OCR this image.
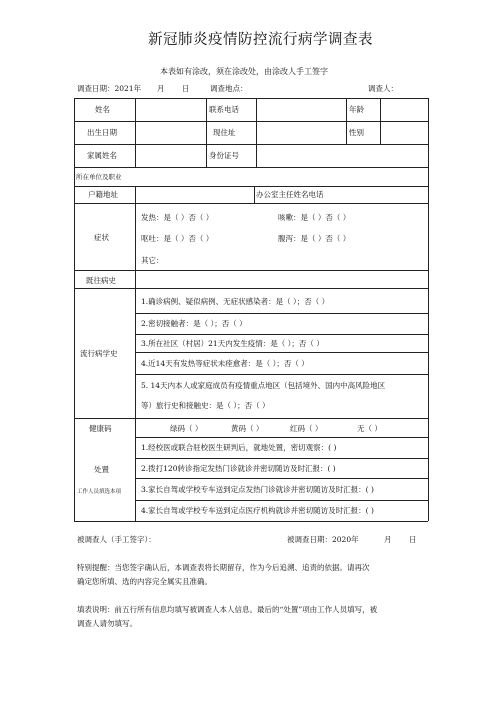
新冠肺炎疫情防控流行病学调查表
本表如有涂改，须在涂改处，由涂改人手工签字
调查日期：2021年 月 日	调查地点：	调查人：
姓名	联系电话	年龄
出生日期	现住址	性别
家属姓名	身份证号
所在单位及职业
户籍地址	办公室主任姓名电话
症状
发热：是（ ）否（ ）	咳嗽：是（ ）否（ ）
呕吐：是（ ）否（ ）	腹泻：是（ ）否（ ）
其它：
既往病史
流行病学史
1.确诊病例、疑似病例、无症状感染者：是（ ）；否（ ）
2.密切接触者：是（ ）；否（ ）
3.所在社区（村居）21天内发生疫情：是（ ）；否（ ）
4.近14天有发热等症状未痊愈者：是（ ）；否（ ）
5. 14天内本人或家庭成员有疫情重点地区（包括境外、国内中高风险地区
等）旅行史和接触史：是（ ）；否（ ）
健康码	绿码（ ）	黄码（ ）	红码（ ）	无（ ）
处置
工作人员填选本项
1.经校医或联合驻校医生研判后，就地处置，密切观察：( )
2.拨打120转诊指定发热门诊就诊并密切随访及时汇报：( )
3.家长自驾或学校专车送到定点发热门诊就诊并密切随访及时汇报：( )
4.家长自驾或学校专车送到定点医疗机构就诊并密切随访及时汇报：( )
被调查人（手工签字）：	被调查日期：2020年	月 日
特别提醒：当您签字确认后，本调查表将长期留存，作为今后追溯、追责的依据。请再次
确定您所填、选的内容完全属实且准确。
填表说明：前五行所有信息均填写被调查人本人信息。最后的“处置”项由工作人员填写，被
调查人请勿填写。
